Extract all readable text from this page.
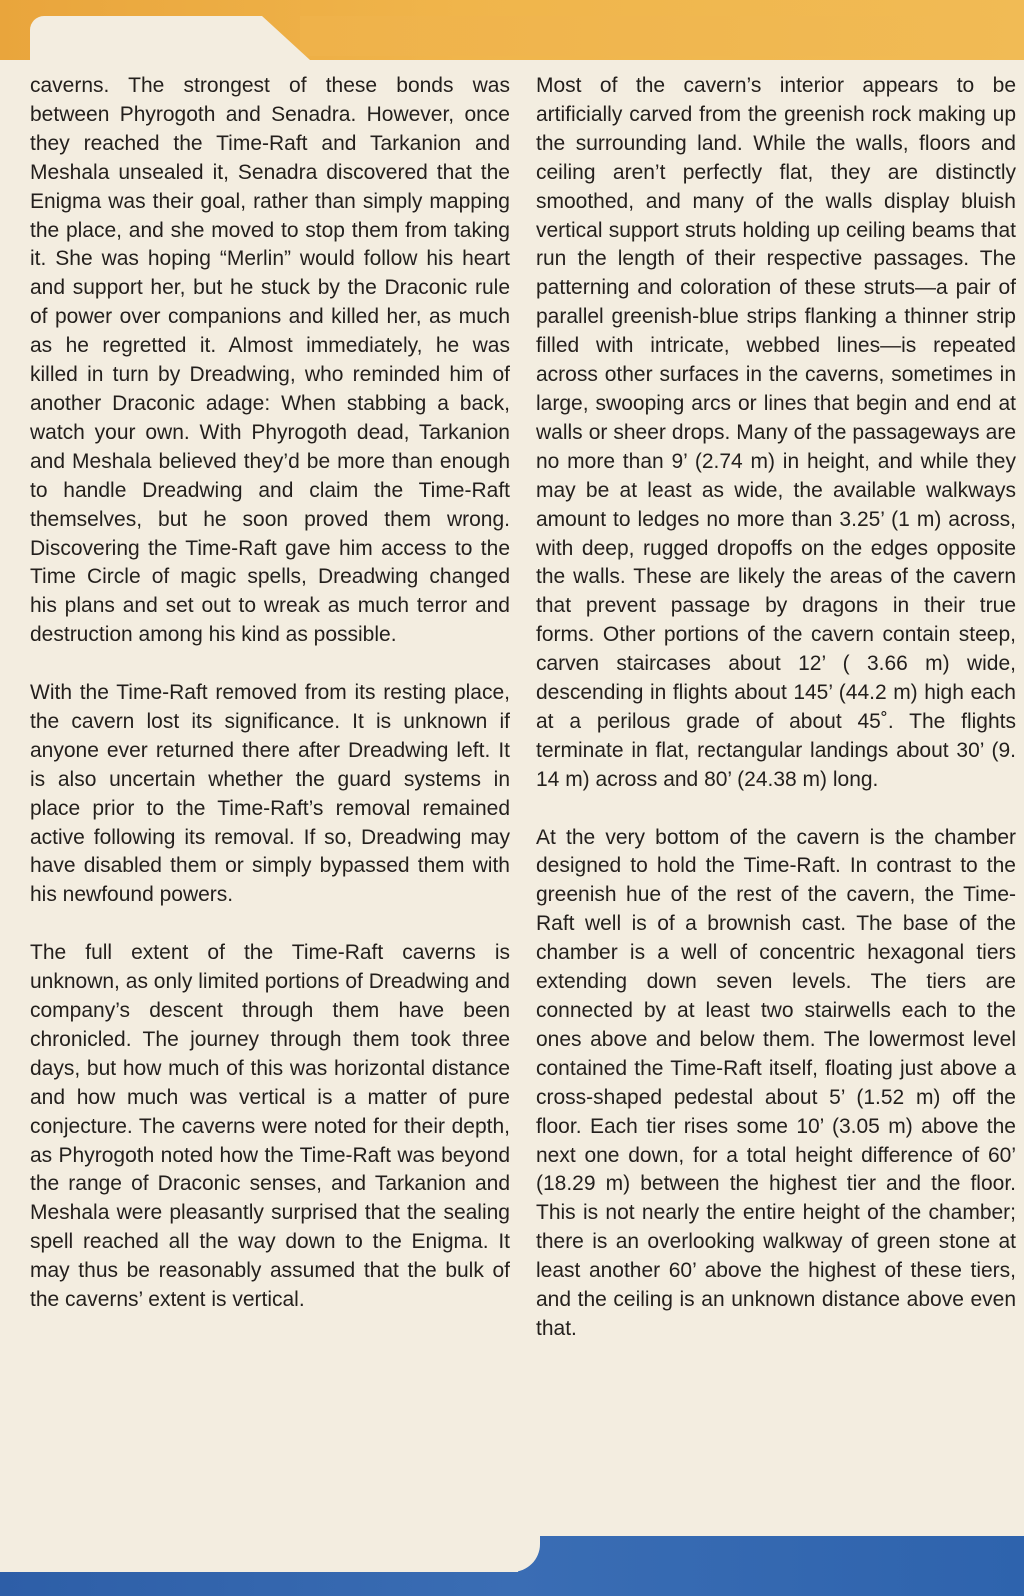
caverns. The strongest of these bonds was between Phyrogoth and Senadra. However, once they reached the Time-Raft and Tarkanion and Meshala unsealed it, Senadra discovered that the Enigma was their goal, rather than simply mapping the place, and she moved to stop them from taking it. She was hoping “Merlin” would follow his heart and support her, but he stuck by the Draconic rule of power over companions and killed her, as much as he regretted it. Almost immediately, he was killed in turn by Dreadwing, who reminded him of another Draconic adage: When stabbing a back, watch your own. With Phyrogoth dead, Tarkanion and Meshala believed they’d be more than enough to handle Dreadwing and claim the Time-Raft themselves, but he soon proved them wrong. Discovering the Time-Raft gave him access to the Time Circle of magic spells, Dreadwing changed his plans and set out to wreak as much terror and destruction among his kind as possible.

With the Time-Raft removed from its resting place, the cavern lost its significance. It is unknown if anyone ever returned there after Dreadwing left. It is also uncertain whether the guard systems in place prior to the Time-Raft’s removal remained active following its removal. If so, Dreadwing may have disabled them or simply bypassed them with his newfound powers.

The full extent of the Time-Raft caverns is unknown, as only limited portions of Dreadwing and company’s descent through them have been chronicled. The journey through them took three days, but how much of this was horizontal distance and how much was vertical is a matter of pure conjecture. The caverns were noted for their depth, as Phyrogoth noted how the Time-Raft was beyond the range of Draconic senses, and Tarkanion and Meshala were pleasantly surprised that the sealing spell reached all the way down to the Enigma. It may thus be reasonably assumed that the bulk of the caverns’ extent is vertical.

Most of the cavern’s interior appears to be artificially carved from the greenish rock making up the surrounding land. While the walls, floors and ceiling aren’t perfectly flat, they are distinctly smoothed, and many of the walls display bluish vertical support struts holding up ceiling beams that run the length of their respective passages. The patterning and coloration of these struts—a pair of parallel greenish-blue strips flanking a thinner strip filled with intricate, webbed lines—is repeated across other surfaces in the caverns, sometimes in large, swooping arcs or lines that begin and end at walls or sheer drops. Many of the passageways are no more than 9’ (2.74 m) in height, and while they may be at least as wide, the available walkways amount to ledges no more than 3.25’ (1 m) across, with deep, rugged dropoffs on the edges opposite the walls. These are likely the areas of the cavern that prevent passage by dragons in their true forms. Other portions of the cavern contain steep, carven staircases about 12’ ( 3.66 m) wide, descending in flights about 145’ (44.2 m) high each at a perilous grade of about 45˚. The flights terminate in flat, rectangular landings about 30’ (9. 14 m) across and 80’ (24.38 m) long.

At the very bottom of the cavern is the chamber designed to hold the Time-Raft. In contrast to the greenish hue of the rest of the cavern, the Time-Raft well is of a brownish cast. The base of the chamber is a well of concentric hexagonal tiers extending down seven levels. The tiers are connected by at least two stairwells each to the ones above and below them. The lowermost level contained the Time-Raft itself, floating just above a cross-shaped pedestal about 5’ (1.52 m) off the floor. Each tier rises some 10’ (3.05 m) above the next one down, for a total height difference of 60’ (18.29 m) between the highest tier and the floor. This is not nearly the entire height of the chamber; there is an overlooking walkway of green stone at least another 60’ above the highest of these tiers, and the ceiling is an unknown distance above even that.
